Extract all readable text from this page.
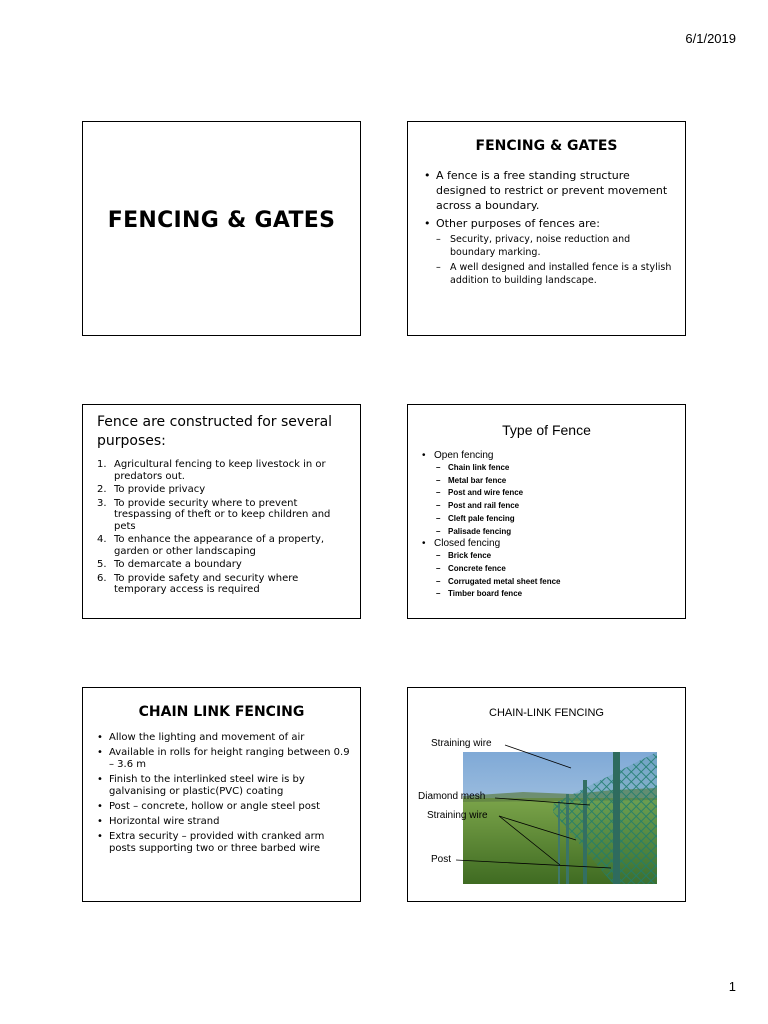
6/1/2019
FENCING & GATES
FENCING & GATES
• A fence is a free standing structure designed to restrict or prevent movement across a boundary.
• Other purposes of fences are:
– Security, privacy, noise reduction and boundary marking.
– A well designed and installed fence is a stylish addition to building landscape.
Fence are constructed for several purposes:
1. Agricultural fencing to keep livestock in or predators out.
2. To provide privacy
3. To provide security where to prevent trespassing of theft or to keep children and pets
4. To enhance the appearance of a property, garden or other landscaping
5. To demarcate a boundary
6. To provide safety and security where temporary access is required
Type of Fence
• Open fencing
– Chain link fence
– Metal bar fence
– Post and wire fence
– Post and rail fence
– Cleft pale fencing
– Palisade fencing
• Closed fencing
– Brick fence
– Concrete fence
– Corrugated metal sheet fence
– Timber board fence
CHAIN LINK FENCING
• Allow the lighting and movement of air
• Available in rolls for height ranging between 0.9 – 3.6 m
• Finish to the interlinked steel wire is by galvanising or plastic(PVC) coating
• Post – concrete, hollow or angle steel post
• Horizontal wire strand
• Extra security – provided with cranked arm posts supporting two or three barbed wire
CHAIN-LINK FENCING
Straining wire
Diamond mesh
Straining wire
Post
1
